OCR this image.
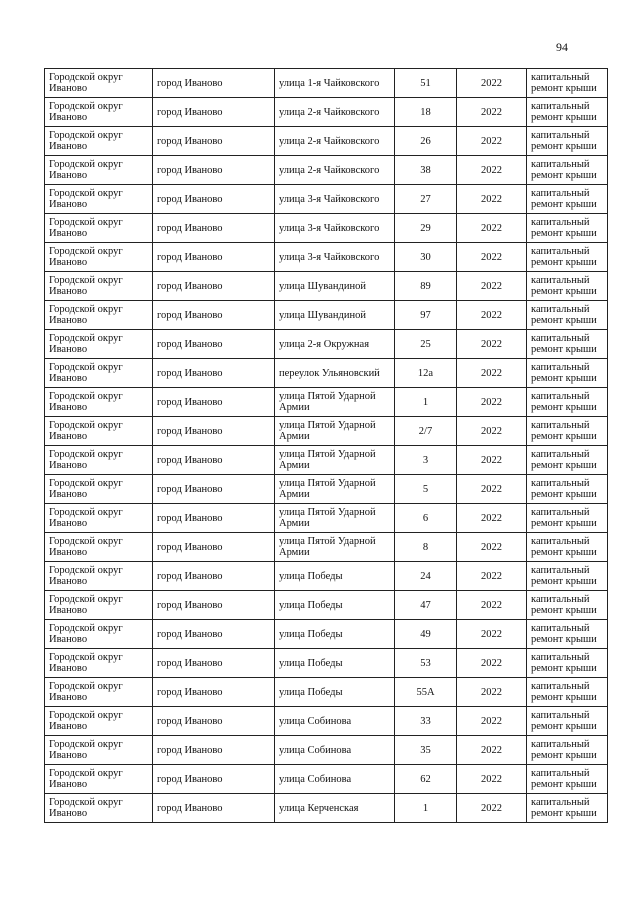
94
Городской округ Иваново	город Иваново	улица 1-я Чайковского	51	2022	капитальный ремонт крыши
Городской округ Иваново	город Иваново	улица 2-я Чайковского	18	2022	капитальный ремонт крыши
Городской округ Иваново	город Иваново	улица 2-я Чайковского	26	2022	капитальный ремонт крыши
Городской округ Иваново	город Иваново	улица 2-я Чайковского	38	2022	капитальный ремонт крыши
Городской округ Иваново	город Иваново	улица 3-я Чайковского	27	2022	капитальный ремонт крыши
Городской округ Иваново	город Иваново	улица 3-я Чайковского	29	2022	капитальный ремонт крыши
Городской округ Иваново	город Иваново	улица 3-я Чайковского	30	2022	капитальный ремонт крыши
Городской округ Иваново	город Иваново	улица Шувандиной	89	2022	капитальный ремонт крыши
Городской округ Иваново	город Иваново	улица Шувандиной	97	2022	капитальный ремонт крыши
Городской округ Иваново	город Иваново	улица 2-я Окружная	25	2022	капитальный ремонт крыши
Городской округ Иваново	город Иваново	переулок Ульяновский	12а	2022	капитальный ремонт крыши
Городской округ Иваново	город Иваново	улица Пятой Ударной Армии	1	2022	капитальный ремонт крыши
Городской округ Иваново	город Иваново	улица Пятой Ударной Армии	2/7	2022	капитальный ремонт крыши
Городской округ Иваново	город Иваново	улица Пятой Ударной Армии	3	2022	капитальный ремонт крыши
Городской округ Иваново	город Иваново	улица Пятой Ударной Армии	5	2022	капитальный ремонт крыши
Городской округ Иваново	город Иваново	улица Пятой Ударной Армии	6	2022	капитальный ремонт крыши
Городской округ Иваново	город Иваново	улица Пятой Ударной Армии	8	2022	капитальный ремонт крыши
Городской округ Иваново	город Иваново	улица Победы	24	2022	капитальный ремонт крыши
Городской округ Иваново	город Иваново	улица Победы	47	2022	капитальный ремонт крыши
Городской округ Иваново	город Иваново	улица Победы	49	2022	капитальный ремонт крыши
Городской округ Иваново	город Иваново	улица Победы	53	2022	капитальный ремонт крыши
Городской округ Иваново	город Иваново	улица Победы	55А	2022	капитальный ремонт крыши
Городской округ Иваново	город Иваново	улица Собинова	33	2022	капитальный ремонт крыши
Городской округ Иваново	город Иваново	улица Собинова	35	2022	капитальный ремонт крыши
Городской округ Иваново	город Иваново	улица Собинова	62	2022	капитальный ремонт крыши
Городской округ Иваново	город Иваново	улица Керченская	1	2022	капитальный ремонт крыши
